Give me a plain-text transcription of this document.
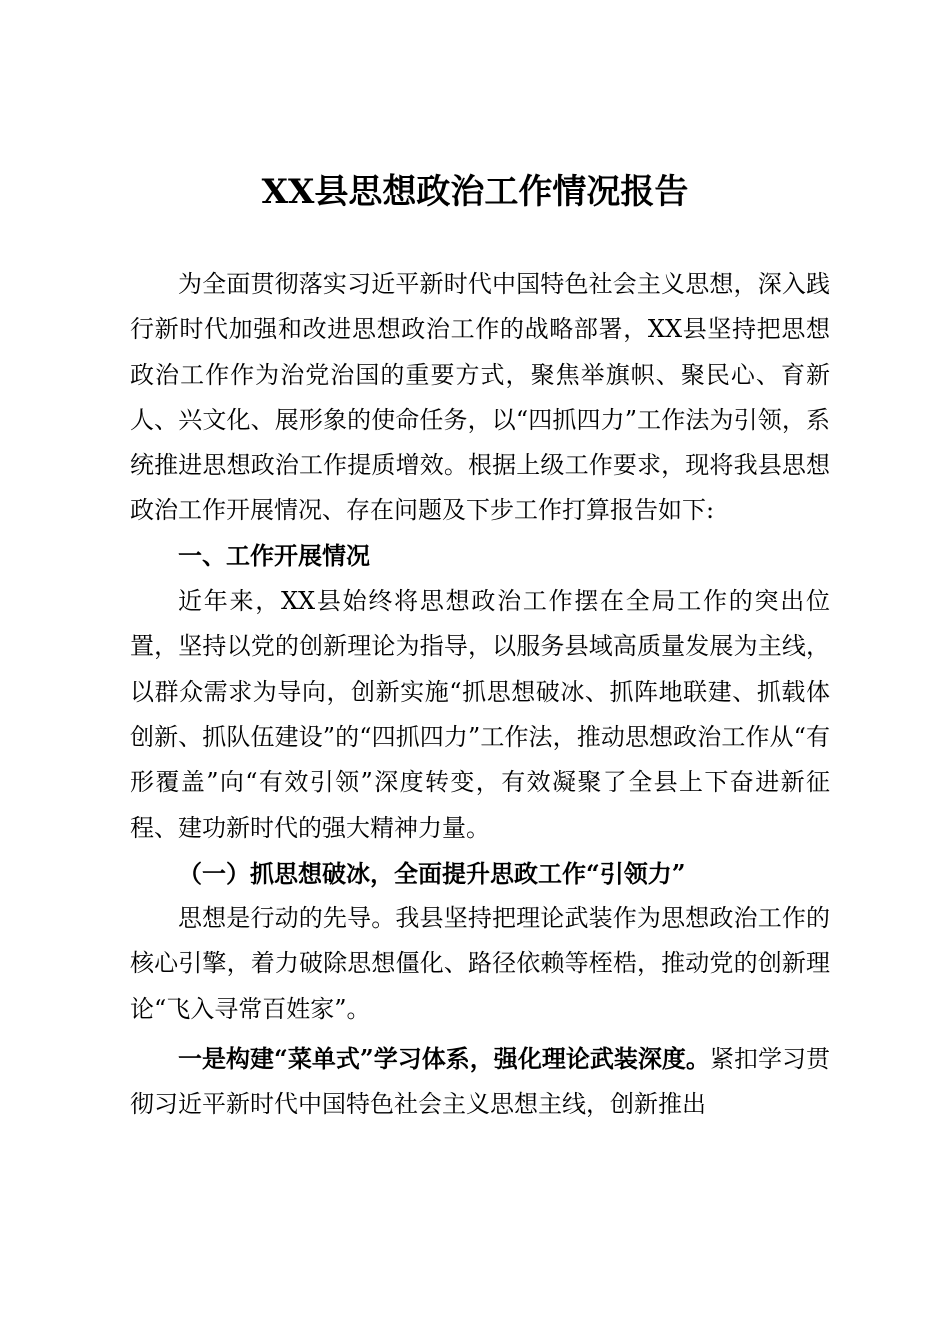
XX县思想政治工作情况报告

为全面贯彻落实习近平新时代中国特色社会主义思想，深入践行新时代加强和改进思想政治工作的战略部署，XX县坚持把思想政治工作作为治党治国的重要方式，聚焦举旗帜、聚民心、育新人、兴文化、展形象的使命任务，以“四抓四力”工作法为引领，系统推进思想政治工作提质增效。根据上级工作要求，现将我县思想政治工作开展情况、存在问题及下步工作打算报告如下:

一、工作开展情况

近年来，XX县始终将思想政治工作摆在全局工作的突出位置，坚持以党的创新理论为指导，以服务县域高质量发展为主线，以群众需求为导向，创新实施“抓思想破冰、抓阵地联建、抓载体创新、抓队伍建设”的“四抓四力”工作法，推动思想政治工作从“有形覆盖”向“有效引领”深度转变，有效凝聚了全县上下奋进新征程、建功新时代的强大精神力量。

（一）抓思想破冰，全面提升思政工作“引领力”

思想是行动的先导。我县坚持把理论武装作为思想政治工作的核心引擎，着力破除思想僵化、路径依赖等桎梏，推动党的创新理论“飞入寻常百姓家”。

一是构建“菜单式”学习体系，强化理论武装深度。紧扣学习贯彻习近平新时代中国特色社会主义思想主线，创新推出
